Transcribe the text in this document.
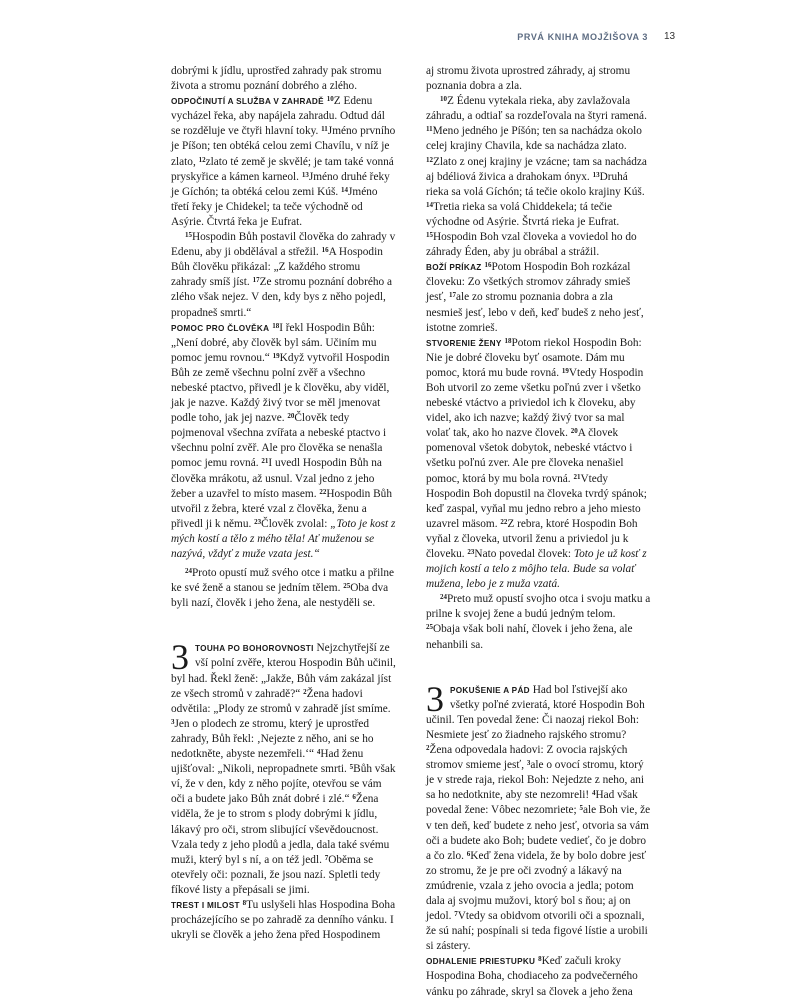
PRVÁ KNIHA MOJŽIŠOVA 3 13

dobrými k jídlu, uprostřed zahrady pak stromu života a stromu poznání dobrého a zlého.

ODPOČINUTÍ A SLUŽBA V ZAHRADĚ $^{10}$Z Edenu vycházel řeka, aby napájela zahradu. Odtud dál se rozděluje ve čtyři hlavní toky. $^{11}$Jméno prvního je Píšon; ten obtéká celou zemi Chavílu, v níž je zlato, $^{12}$zlato té země je skvělé; je tam také vonná pryskyřice a kámen karneol. $^{13}$Jméno druhé řeky je Gíchón; ta obtéká celou zemi Kúš. $^{14}$Jméno třetí řeky je Chidekel; ta teče východně od Asýrie. Čtvrtá řeka je Eufrat.

$^{15}$Hospodin Bůh postavil člověka do zahrady v Edenu, aby ji obdělával a střežil. $^{16}$A Hospodin Bůh člověku přikázal: „Z každého stromu zahrady smíš jíst. $^{17}$Ze stromu poznání dobrého a zlého však nejez. V den, kdy bys z něho pojedl, propadneš smrti.“

POMOC PRO ČLOVĚKA $^{18}$I řekl Hospodin Bůh: „Není dobré, aby člověk byl sám. Učiním mu pomoc jemu rovnou.“ $^{19}$Když vytvořil Hospodin Bůh ze země všechnu polní zvěř a všechno nebeské ptactvo, přivedl je k člověku, aby viděl, jak je nazve. Každý živý tvor se měl jmenovat podle toho, jak jej nazve. $^{20}$Člověk tedy pojmenoval všechna zvířata a nebeské ptactvo i všechnu polní zvěř. Ale pro člověka se nenašla pomoc jemu rovná. $^{21}$I uvedl Hospodin Bůh na člověka mrákotu, až usnul. Vzal jedno z jeho žeber a uzavřel to místo masem. $^{22}$Hospodin Bůh utvořil z žebra, které vzal z člověka, ženu a přivedl ji k němu. $^{23}$Člověk zvolal: „Toto je kost z mých kostí a tělo z mého těla! Ať muženou se nazývá, vždyť z muže vzata jest.“

$^{24}$Proto opustí muž svého otce i matku a přilne ke své ženě a stanou se jedním tělem. $^{25}$Oba dva byli nazí, člověk i jeho žena, ale nestyděli se.

3 TOUHA PO BOHOROVNOSTI Nejzchytřejší ze vší polní zvěře, kterou Hospodin Bůh učinil, byl had. Řekl ženě: „Jakže, Bůh vám zakázal jíst ze všech stromů v zahradě?“ $^2$Žena hadovi odvětila: „Plody ze stromů v zahradě jíst smíme. $^3$Jen o plodech ze stromu, který je uprostřed zahrady, Bůh řekl: ‚Nejezte z něho, ani se ho nedotkněte, abyste nezemřeli.‘“ $^4$Had ženu ujišťoval: „Nikoli, nepropadnete smrti. $^5$Bůh však ví, že v den, kdy z něho pojíte, otevřou se vám oči a budete jako Bůh znát dobré i zlé.“ $^6$Žena viděla, že je to strom s plody dobrými k jídlu, lákavý pro oči, strom slibující vševědoucnost. Vzala tedy z jeho plodů a jedla, dala také svému muži, který byl s ní, a on též jedl. $^7$Oběma se otevřely oči: poznali, že jsou nazí. Spletli tedy fíkové listy a přepásali se jimi.

TREST I MILOST $^8$Tu uslyšeli hlas Hospodina Boha procházejícího se po zahradě za denního vánku. I ukryli se člověk a jeho žena před Hospodinem

aj stromu života uprostred záhrady, aj stromu poznania dobra a zla.

$^{10}$Z Édenu vytekala rieka, aby zavlažovala záhradu, a odtiaľ sa rozdeľovala na štyri ramená. $^{11}$Meno jedného je Píšón; ten sa nachádza okolo celej krajiny Chavila, kde sa nachádza zlato. $^{12}$Zlato z onej krajiny je vzácne; tam sa nachádza aj bdéliová živica a drahokam ónyx. $^{13}$Druhá rieka sa volá Gíchón; tá tečie okolo krajiny Kúš. $^{14}$Tretia rieka sa volá Chiddekela; tá tečie východne od Asýrie. Štvrtá rieka je Eufrat. $^{15}$Hospodin Boh vzal človeka a voviedol ho do záhrady Éden, aby ju obrábal a strážil.

BOŽÍ PRÍKAZ $^{16}$Potom Hospodin Boh rozkázal človeku: Zo všetkých stromov záhrady smieš jesť, $^{17}$ale zo stromu poznania dobra a zla nesmieš jesť, lebo v deň, keď budeš z neho jesť, istotne zomrieš.

STVORENIE ŽENY $^{18}$Potom riekol Hospodin Boh: Nie je dobré človeku byť osamote. Dám mu pomoc, ktorá mu bude rovná. $^{19}$Vtedy Hospodin Boh utvoril zo zeme všetku poľnú zver i všetko nebeské vtáctvo a priviedol ich k človeku, aby videl, ako ich nazve; každý živý tvor sa mal volať tak, ako ho nazve človek. $^{20}$A človek pomenoval všetok dobytok, nebeské vtáctvo i všetku poľnú zver. Ale pre človeka nenašiel pomoc, ktorá by mu bola rovná. $^{21}$Vtedy Hospodin Boh dopustil na človeka tvrdý spánok; keď zaspal, vyňal mu jedno rebro a jeho miesto uzavrel mäsom. $^{22}$Z rebra, ktoré Hospodin Boh vyňal z človeka, utvoril ženu a priviedol ju k človeku. $^{23}$Nato povedal človek: Toto je už kosť z mojich kostí a telo z môjho tela. Bude sa volať mužena, lebo je z muža vzatá.

$^{24}$Preto muž opustí svojho otca i svoju matku a prilne k svojej žene a budú jedným telom. $^{25}$Obaja však boli nahí, človek i jeho žena, ale nehanbili sa.

3 POKUŠENIE A PÁD Had bol ľstivejší ako všetky poľné zvieratá, ktoré Hospodin Boh učinil. Ten povedal žene: Či naozaj riekol Boh: Nesmiete jesť zo žiadneho rajského stromu? $^2$Žena odpovedala hadovi: Z ovocia rajských stromov smieme jesť, $^3$ale o ovocí stromu, ktorý je v strede raja, riekol Boh: Nejedzte z neho, ani sa ho nedotknite, aby ste nezomreli! $^4$Had však povedal žene: Vôbec nezomriete; $^5$ale Boh vie, že v ten deň, keď budete z neho jesť, otvoria sa vám oči a budete ako Boh; budete vedieť, čo je dobro a čo zlo. $^6$Keď žena videla, že by bolo dobre jesť zo stromu, že je pre oči zvodný a lákavý na zmúdrenie, vzala z jeho ovocia a jedla; potom dala aj svojmu mužovi, ktorý bol s ňou; aj on jedol. $^7$Vtedy sa obidvom otvorili oči a spoznali, že sú nahí; pospínali si teda figové lístie a urobili si zástery.

ODHALENIE PRIESTUPKU $^8$Keď začuli kroky Hospodina Boha, chodiaceho za podvečerného vánku po záhrade, skryl sa človek a jeho žena
